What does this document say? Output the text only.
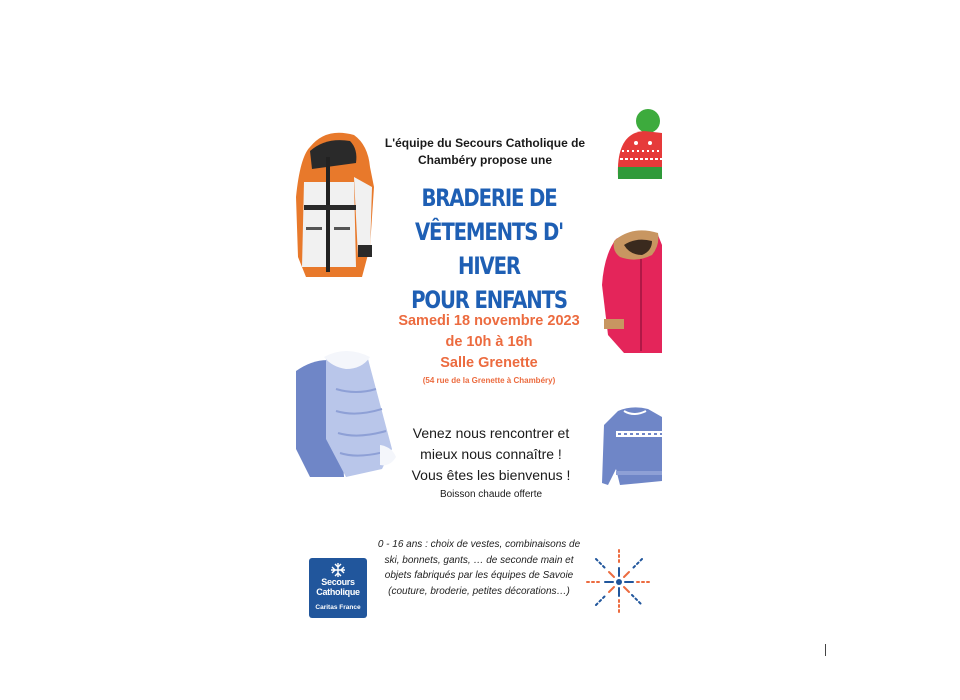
L'équipe du Secours Catholique de Chambéry propose une

BRADERIE DE
VÊTEMENTS D' HIVER
POUR ENFANTS
Samedi 18 novembre 2023
de 10h à 16h
Salle Grenette
(54 rue de la Grenette à Chambéry)
Venez nous rencontrer et
mieux nous connaître !
Vous êtes les bienvenus !
Boisson chaude offerte

0 - 16 ans : choix de vestes, combinaisons de ski, bonnets, gants, … de seconde main et objets fabriqués par les équipes de Savoie (couture, broderie, petites décorations…)

Secours
Catholique
Caritas France
